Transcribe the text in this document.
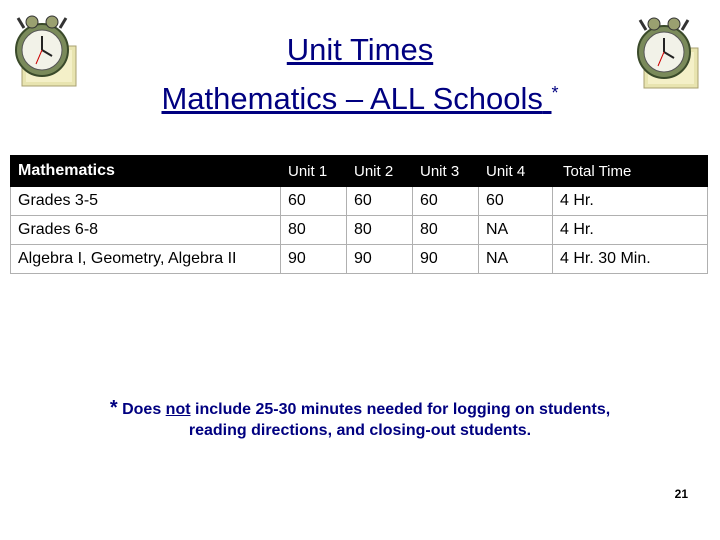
Unit Times
Mathematics – ALL Schools *
Mathematics	Unit 1	Unit 2	Unit 3	Unit 4	Total Time
Grades 3-5	60	60	60	60	4 Hr.
Grades 6-8	80	80	80	NA	4 Hr.
Algebra I, Geometry, Algebra II	90	90	90	NA	4 Hr. 30 Min.
* Does not include 25-30 minutes needed for logging on students,
reading directions, and closing-out students.
21
